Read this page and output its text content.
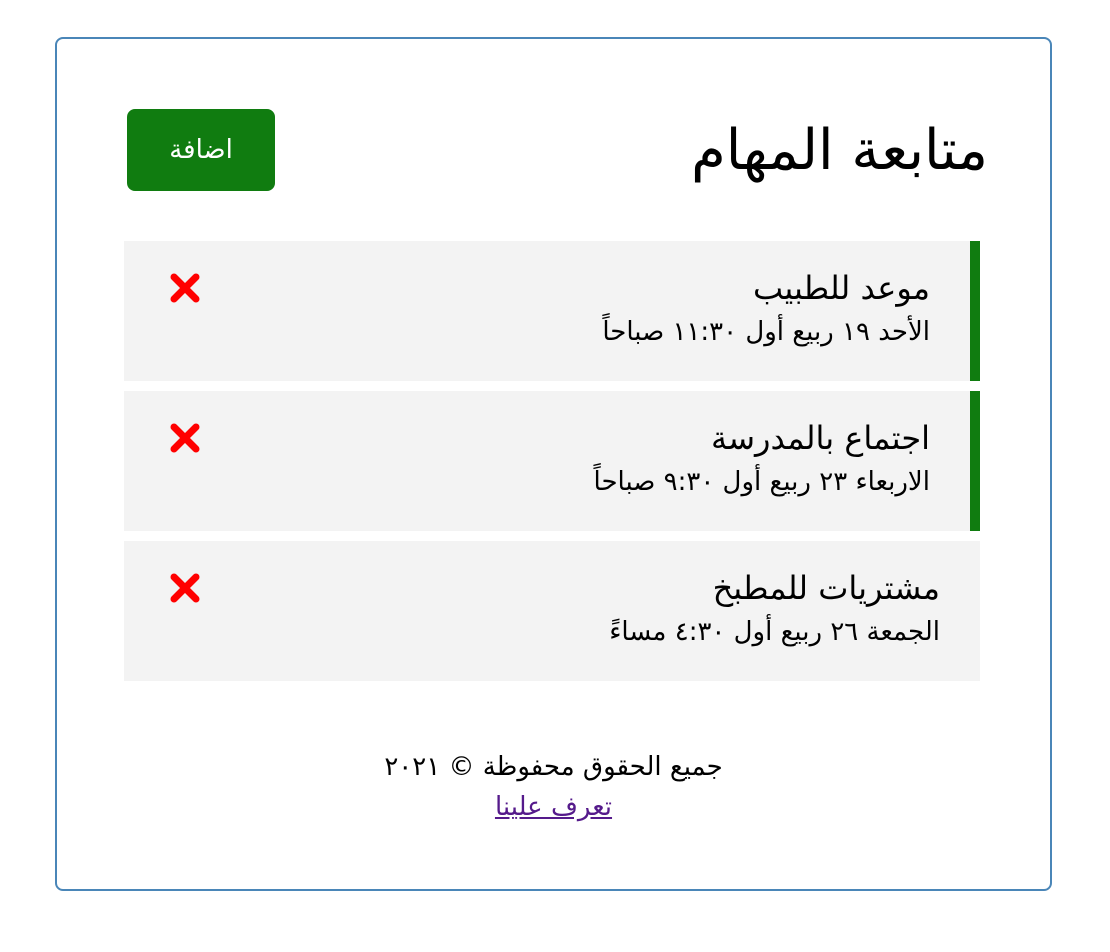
متابعة المهام
اضافة
موعد للطبيب

الأحد ١٩ ربيع أول ١١:٣٠ صباحاً

اجتماع بالمدرسة

الاربعاء ٢٣ ربيع أول ٩:٣٠ صباحاً

مشتريات للمطبخ

الجمعة ٢٦ ربيع أول ٤:٣٠ مساءً

جميع الحقوق محفوظة © ٢٠٢١

تعرف علينا
